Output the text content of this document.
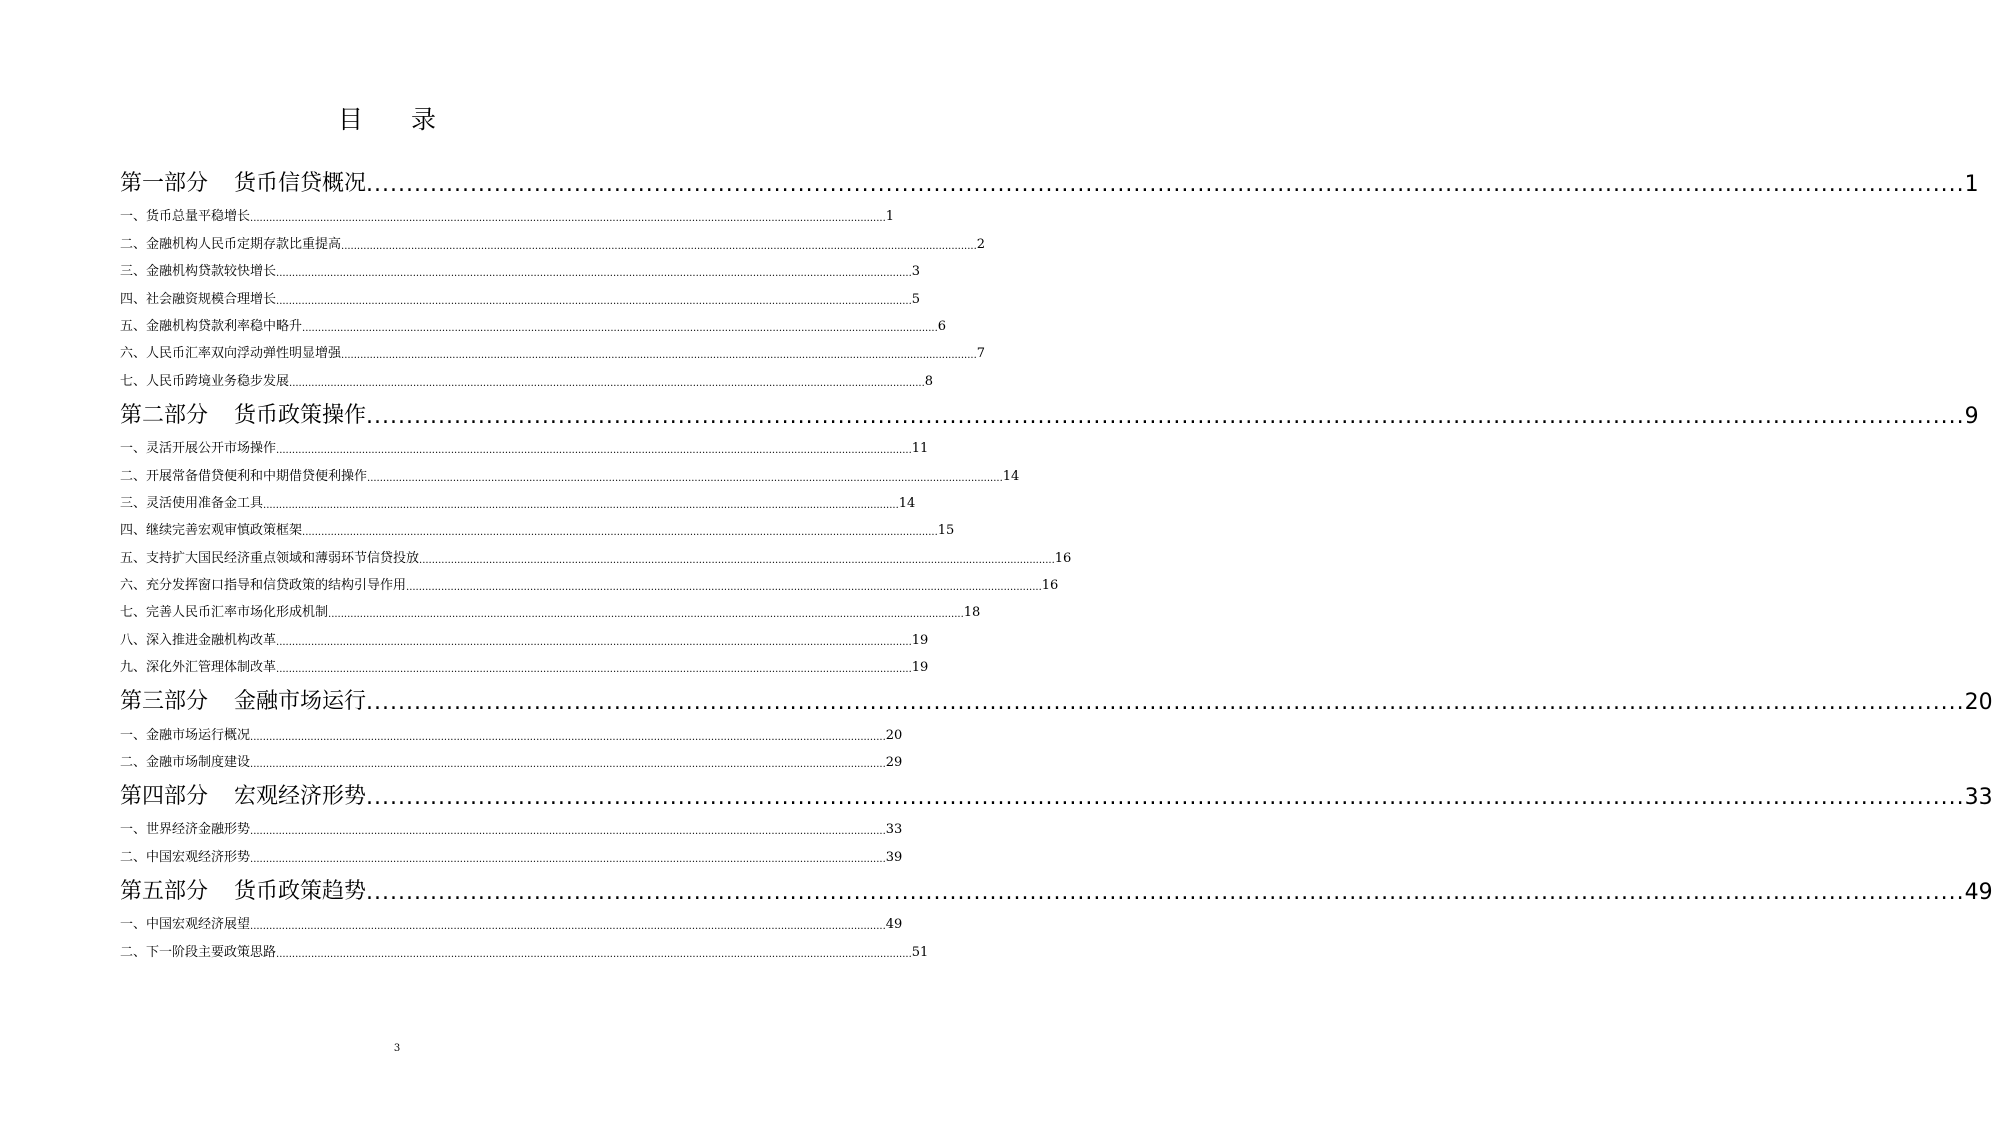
目 录
第一部分 货币信贷概况 ........................................................................................................................................................................................................ 1
一、货币总量平稳增长 ........................................................................................................................................................................................................ 1
二、金融机构人民币定期存款比重提高 ........................................................................................................................................................................................................ 2
三、金融机构贷款较快增长 ........................................................................................................................................................................................................ 3
四、社会融资规模合理增长 ........................................................................................................................................................................................................ 5
五、金融机构贷款利率稳中略升 ........................................................................................................................................................................................................ 6
六、人民币汇率双向浮动弹性明显增强 ........................................................................................................................................................................................................ 7
七、人民币跨境业务稳步发展 ........................................................................................................................................................................................................ 8
第二部分 货币政策操作 ........................................................................................................................................................................................................ 9
一、灵活开展公开市场操作 ........................................................................................................................................................................................................ 11
二、开展常备借贷便利和中期借贷便利操作 ........................................................................................................................................................................................................ 14
三、灵活使用准备金工具 ........................................................................................................................................................................................................ 14
四、继续完善宏观审慎政策框架 ........................................................................................................................................................................................................ 15
五、支持扩大国民经济重点领域和薄弱环节信贷投放 ........................................................................................................................................................................................................ 16
六、充分发挥窗口指导和信贷政策的结构引导作用 ........................................................................................................................................................................................................ 16
七、完善人民币汇率市场化形成机制 ........................................................................................................................................................................................................ 18
八、深入推进金融机构改革 ........................................................................................................................................................................................................ 19
九、深化外汇管理体制改革 ........................................................................................................................................................................................................ 19
第三部分 金融市场运行 ........................................................................................................................................................................................................ 20
一、金融市场运行概况 ........................................................................................................................................................................................................ 20
二、金融市场制度建设 ........................................................................................................................................................................................................ 29
第四部分 宏观经济形势 ........................................................................................................................................................................................................ 33
一、世界经济金融形势 ........................................................................................................................................................................................................ 33
二、中国宏观经济形势 ........................................................................................................................................................................................................ 39
第五部分 货币政策趋势 ........................................................................................................................................................................................................ 49
一、中国宏观经济展望 ........................................................................................................................................................................................................ 49
二、下一阶段主要政策思路 ........................................................................................................................................................................................................ 51
3
